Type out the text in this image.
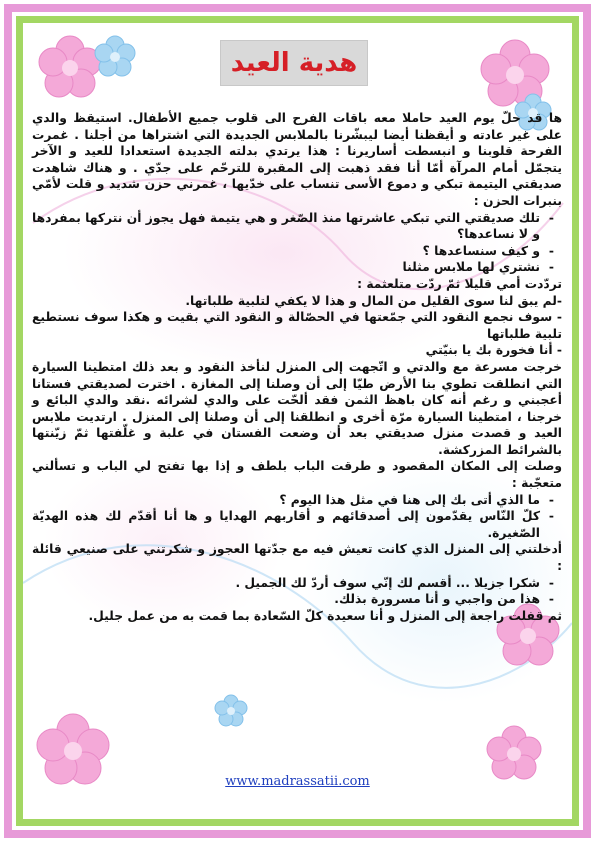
هدية العيد

ها قد حلّ يوم العيد حاملا معه باقات الفرح الى قلوب جميع الأطفال. استيقظ والدي على غير عادته و أيقظنا أيضا ليبشّرنا بالملابس الجديدة التي اشتراها من أجلنا . غمرت الفرحة قلوبنا و انبسطت أساريرنا : هذا يرتدي بدلته الجديدة استعدادا للعيد و الآخر يتجمّل أمام المرآة أمّا أنا فقد ذهبت إلى المقبرة للترحّم على جدّي . و هناك شاهدت صديقتي اليتيمة تبكي و دموع الأسى تنساب على خدّيها ، غمرني حزن شديد و قلت لأمّي بنبرات الحزن :

- تلك صديقتي التي تبكي عاشرتها منذ الصّغر و هي يتيمة فهل يجوز أن نتركها بمفردها و لا نساعدها؟
- و كيف سنساعدها ؟
- نشتري لها ملابس مثلنا

تردّدت أمي قليلا ثمّ ردّت متلعثمة :

-لم يبق لنا سوى القليل من المال و هذا لا يكفي لتلبية طلباتها.

- سوف نجمع النقود التي جمّعتها في الحصّالة و النقود التي بقيت و هكذا سوف نستطيع تلبية طلباتها

- أنا فخورة بك يا بنيّتي

خرجت مسرعة مع والدتي و اتّجهت إلى المنزل لنأخذ النقود و بعد ذلك امتطينا السيارة التي انطلقت تطوي بنا الأرض طيّا إلى أن وصلنا إلى المغازة . اخترت لصديقتي فستانا أعجبني و رغم أنه كان باهظ الثمن فقد ألحّت على والدي لشرائه .نقد والدي البائع و خرجنا ، امتطينا السيارة مرّة أخرى و انطلقنا إلى أن وصلنا إلى المنزل . ارتديت ملابس العيد و قصدت منزل صديقتي بعد أن وضعت الفستان في علبة و غلّفتها ثمّ زيّنتها بالشرائط المزركشة.

وصلت إلى المكان المقصود و طرقت الباب بلطف و إذا بها تفتح لي الباب و تسألني متعجّبة :

- ما الذي أتى بك إلى هنا في مثل هذا اليوم ؟
- كلّ النّاس يقدّمون إلى أصدقائهم و أقاربهم الهدايا و ها أنا أقدّم لك هذه الهديّة الصّغيرة.

أدخلتني إلى المنزل الذي كانت تعيش فيه مع جدّتها العجوز و شكرتني على صنيعي قائلة :

- شكرا جزيلا ... أقسم لك إنّي سوف أردّ لك الجميل .
- هذا من واجبي و أنا مسرورة بذلك.

ثم قفلت راجعة إلى المنزل و أنا سعيدة كلّ السّعادة بما قمت به من عمل جليل.

www.madrassatii.com
